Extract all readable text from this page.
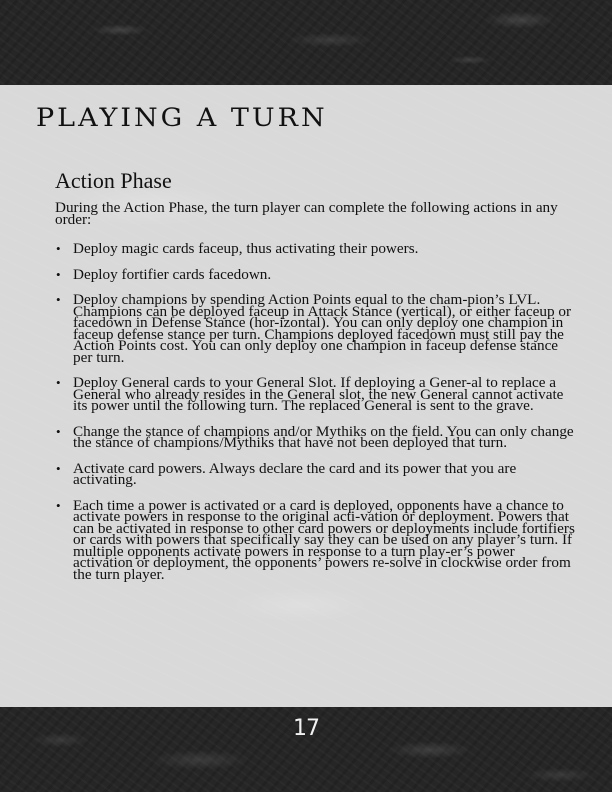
PLAYING A TURN
Action Phase

During the Action Phase, the turn player can complete the following actions in any order:

• Deploy magic cards faceup, thus activating their powers.
• Deploy fortifier cards facedown.
• Deploy champions by spending Action Points equal to the cham-pion’s LVL. Champions can be deployed faceup in Attack Stance (vertical), or either faceup or facedown in Defense Stance (hor-izontal). You can only deploy one champion in faceup defense stance per turn. Champions deployed facedown must still pay the Action Points cost. You can only deploy one champion in faceup defense stance per turn.
• Deploy General cards to your General Slot. If deploying a Gener-al to replace a General who already resides in the General slot, the new General cannot activate its power until the following turn. The replaced General is sent to the grave.
• Change the stance of champions and/or Mythiks on the field. You can only change the stance of champions/Mythiks that have not been deployed that turn.
• Activate card powers. Always declare the card and its power that you are activating.
• Each time a power is activated or a card is deployed, opponents have a chance to activate powers in response to the original acti-vation or deployment. Powers that can be activated in response to other card powers or deployments include fortifiers or cards with powers that specifically say they can be used on any player’s turn. If multiple opponents activate powers in response to a turn play-er’s power activation or deployment, the opponents’ powers re-solve in clockwise order from the turn player.
17
